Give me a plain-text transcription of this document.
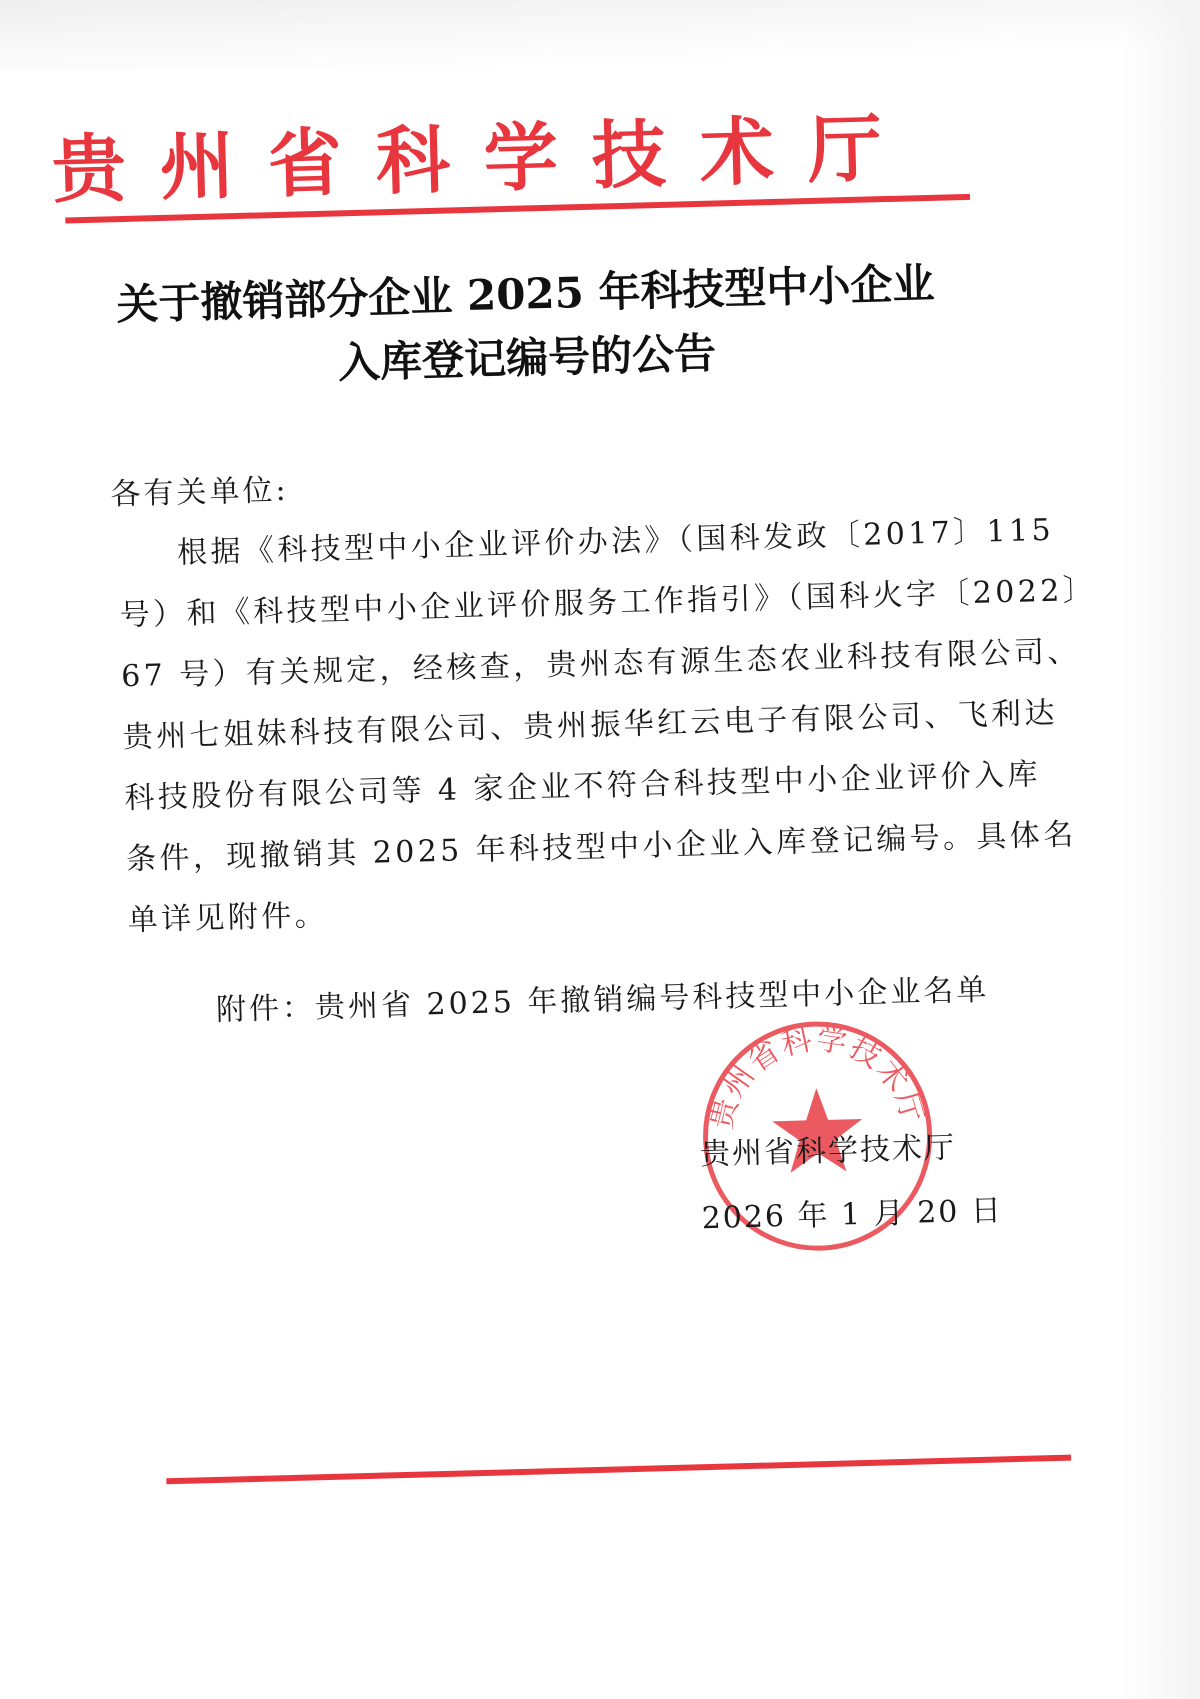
贵州省科学技术厅
关于撤销部分企业 2025 年科技型中小企业
入库登记编号的公告
各有关单位:
根据《科技型中小企业评价办法》（国科发政〔2017〕115
号）和《科技型中小企业评价服务工作指引》（国科火字〔2022〕
67 号）有关规定，经核查，贵州态有源生态农业科技有限公司、
贵州七姐妹科技有限公司、贵州振华红云电子有限公司、飞利达
科技股份有限公司等 4 家企业不符合科技型中小企业评价入库
条件，现撤销其 2025 年科技型中小企业入库登记编号。具体名
单详见附件。
附件：贵州省 2025 年撤销编号科技型中小企业名单
贵州省科学技术厅
贵州省科学技术厅
2026 年 1 月 20 日
